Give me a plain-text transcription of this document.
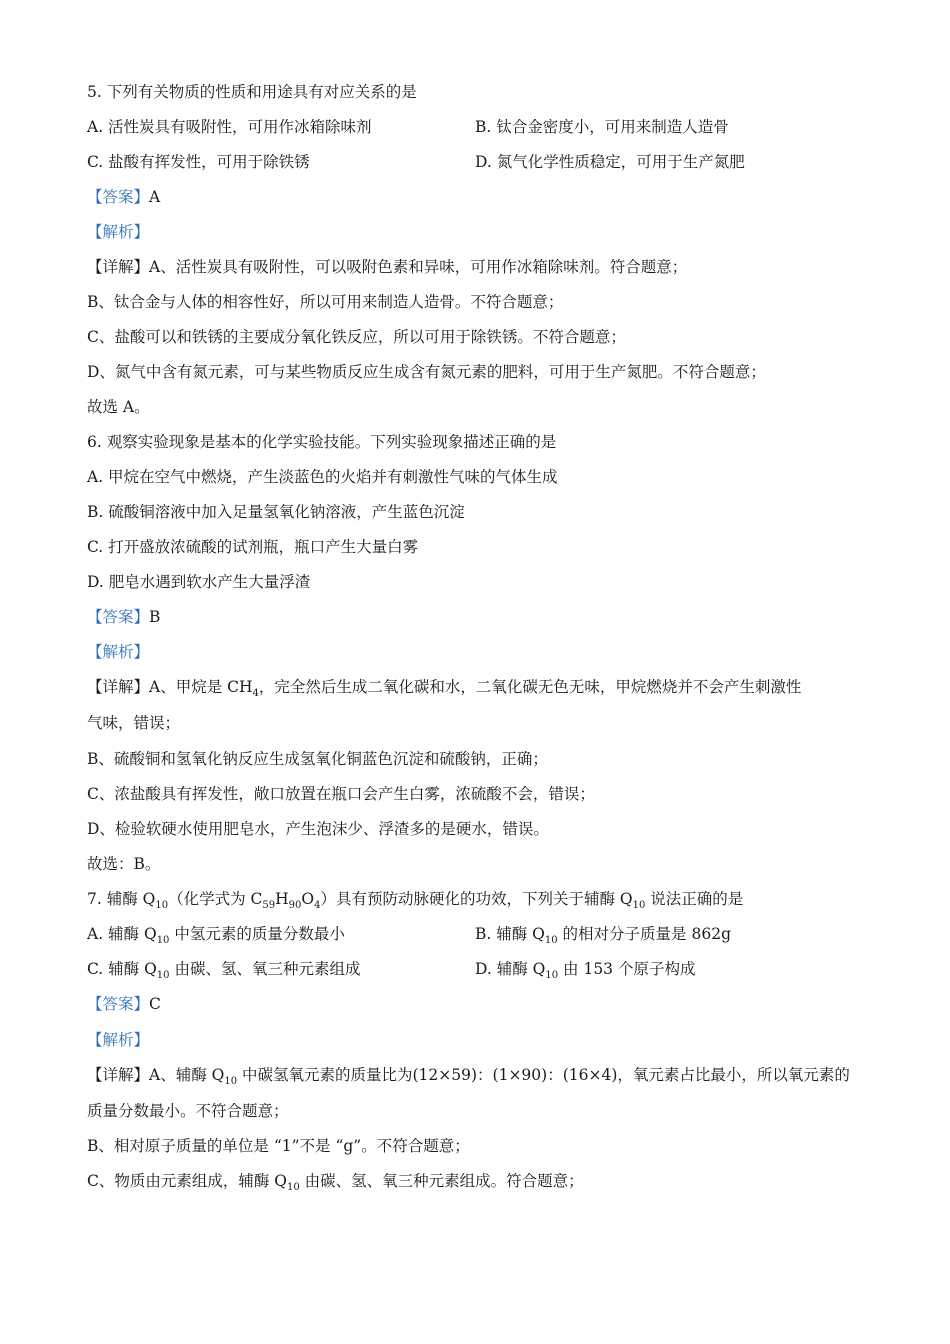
5. 下列有关物质的性质和用途具有对应关系的是
A. 活性炭具有吸附性，可用作冰箱除味剂	B. 钛合金密度小，可用来制造人造骨
C. 盐酸有挥发性，可用于除铁锈	D. 氮气化学性质稳定，可用于生产氮肥
【答案】A
【解析】
【详解】A、活性炭具有吸附性，可以吸附色素和异味，可用作冰箱除味剂。符合题意；
B、钛合金与人体的相容性好，所以可用来制造人造骨。不符合题意；
C、盐酸可以和铁锈的主要成分氧化铁反应，所以可用于除铁锈。不符合题意；
D、氮气中含有氮元素，可与某些物质反应生成含有氮元素的肥料，可用于生产氮肥。不符合题意；
故选 A。
6. 观察实验现象是基本的化学实验技能。下列实验现象描述正确的是
A. 甲烷在空气中燃烧，产生淡蓝色的火焰并有刺激性气味的气体生成
B. 硫酸铜溶液中加入足量氢氧化钠溶液，产生蓝色沉淀
C. 打开盛放浓硫酸的试剂瓶，瓶口产生大量白雾
D. 肥皂水遇到软水产生大量浮渣
【答案】B
【解析】
【详解】A、甲烷是 $CH_4$，完全然后生成二氧化碳和水，二氧化碳无色无味，甲烷燃烧并不会产生刺激性
气味，错误；
B、硫酸铜和氢氧化钠反应生成氢氧化铜蓝色沉淀和硫酸钠，正确；
C、浓盐酸具有挥发性，敞口放置在瓶口会产生白雾，浓硫酸不会，错误；
D、检验软硬水使用肥皂水，产生泡沫少、浮渣多的是硬水，错误。
故选：B。
7. 辅酶 $Q_{10}$（化学式为 $C_{59}H_{90}O_4$）具有预防动脉硬化的功效，下列关于辅酶 $Q_{10}$ 说法正确的是
A. 辅酶 $Q_{10}$ 中氢元素的质量分数最小	B. 辅酶 $Q_{10}$ 的相对分子质量是 862g
C. 辅酶 $Q_{10}$ 由碳、氢、氧三种元素组成	D. 辅酶 $Q_{10}$ 由 153 个原子构成
【答案】C
【解析】
【详解】A、辅酶 $Q_{10}$ 中碳氢氧元素的质量比为(12×59)：(1×90)：(16×4)，氧元素占比最小，所以氧元素的
质量分数最小。不符合题意；
B、相对原子质量的单位是 “1”不是 “g”。不符合题意；
C、物质由元素组成，辅酶 $Q_{10}$ 由碳、氢、氧三种元素组成。符合题意；
